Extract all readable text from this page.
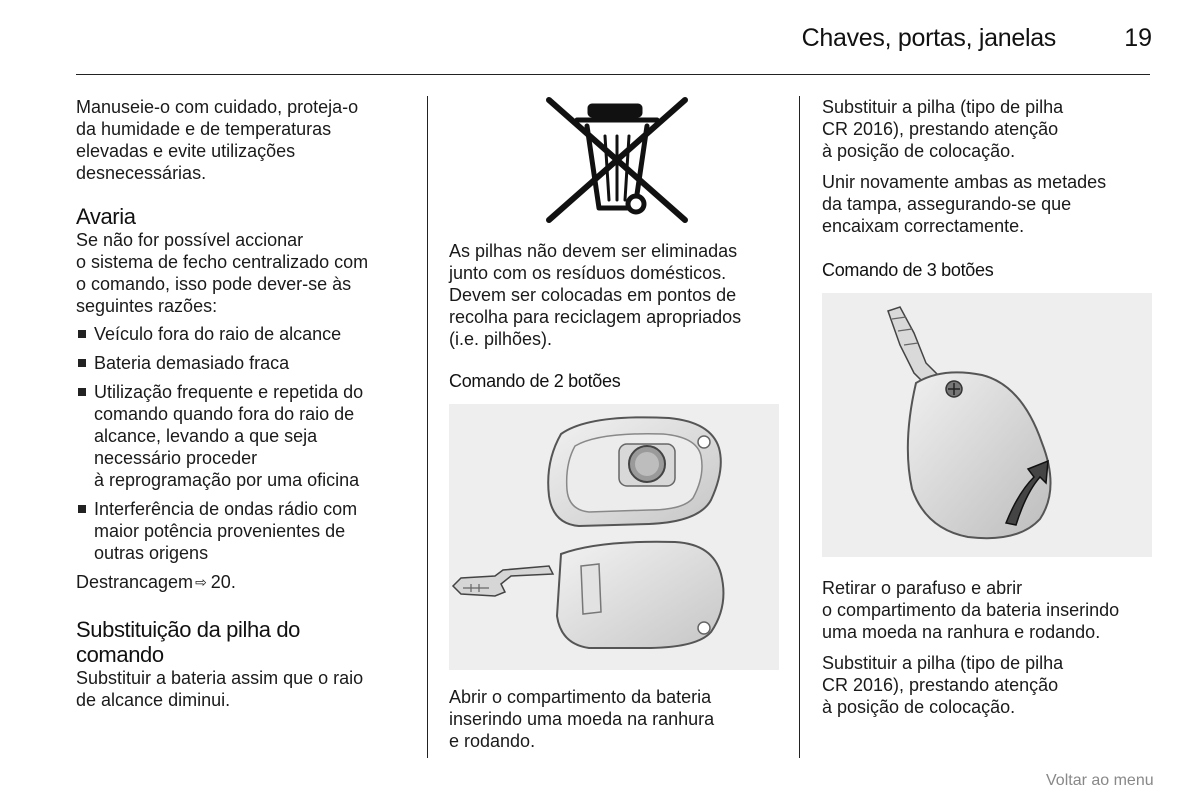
Chaves, portas, janelas	19

Manuseie-o com cuidado, proteja-o
da humidade e de temperaturas
elevadas e evite utilizações
desnecessárias.

Avaria

Se não for possível accionar
o sistema de fecho centralizado com
o comando, isso pode dever-se às
seguintes razões:

Veículo fora do raio de alcance
Bateria demasiado fraca
Utilização frequente e repetida do
comando quando fora do raio de
alcance, levando a que seja
necessário proceder
à reprogramação por uma oficina
Interferência de ondas rádio com
maior potência provenientes de
outras origens

Destrancagem ⇨ 20.

Substituição da pilha do
comando

Substituir a bateria assim que o raio
de alcance diminui.

As pilhas não devem ser eliminadas
junto com os resíduos domésticos.
Devem ser colocadas em pontos de
recolha para reciclagem apropriados
(i.e. pilhões).

Comando de 2 botões

Abrir o compartimento da bateria
inserindo uma moeda na ranhura
e rodando.

Substituir a pilha (tipo de pilha
CR 2016), prestando atenção
à posição de colocação.

Unir novamente ambas as metades
da tampa, assegurando-se que
encaixam correctamente.

Comando de 3 botões

Retirar o parafuso e abrir
o compartimento da bateria inserindo
uma moeda na ranhura e rodando.

Substituir a pilha (tipo de pilha
CR 2016), prestando atenção
à posição de colocação.

Voltar ao menu
